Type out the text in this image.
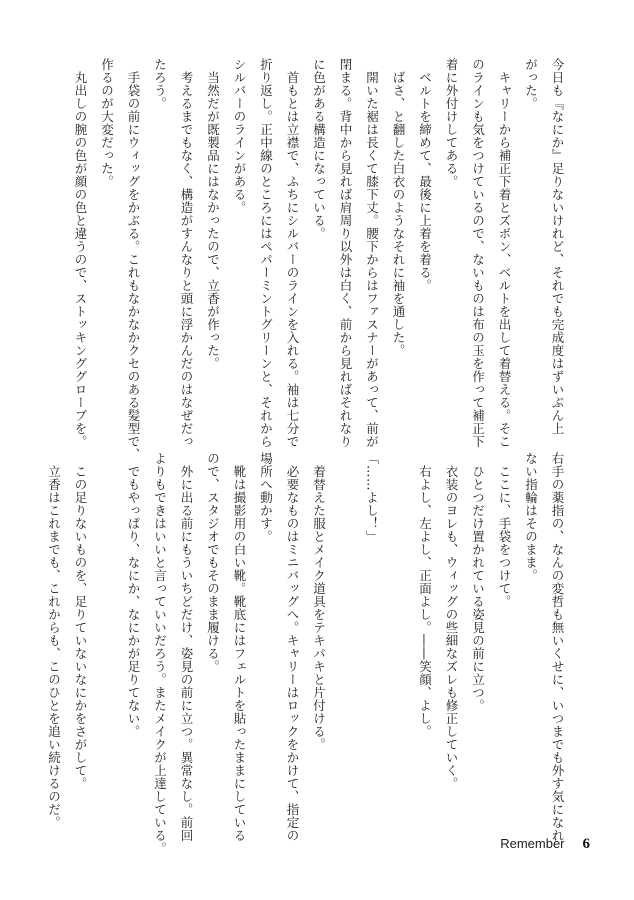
今日も『なにか』足りないけれど、それでも完成度はずいぶん上
がった。
　キャリーから補正下着とズボン、ベルトを出して着替える。そこ
のラインも気をつけているので、ないものは布の玉を作って補正下
着に外付けしてある。
　ベルトを締めて、最後に上着を着る。
　ばさ、と翻した白衣のようなそれに袖を通した。
　開いた裾は長くて膝下丈。腰下からはファスナーがあって、前が
閉まる。背中から見れば肩周り以外は白く、前から見ればそれなり
に色がある構造になっている。
　首もとは立襟で、ふちにシルバーのラインを入れる。袖は七分で
折り返し。正中線のところにはペパーミントグリーンと、それから
シルバーのラインがある。
　当然だが既製品にはなかったので、立香が作った。
　考えるまでもなく、構造がすんなりと頭に浮かんだのはなぜだっ
たろう。
　手袋の前にウィッグをかぶる。これもなかなかクセのある髪型で、
作るのが大変だった。
　丸出しの腕の色が顔の色と違うので、ストッキンググローブを。
右手の薬指の、なんの変哲も無いくせに、いつまでも外す気になれ
ない指輪はそのまま。
　ここに、手袋をつけて。
　ひとつだけ置かれている姿見の前に立つ。
　衣装のヨレも、ウィッグの些細なズレも修正していく。
　右よし、左よし、正面よし。――笑顔、よし。

「……よし！」

　着替えた服とメイク道具をテキパキと片付ける。
　必要なものはミニバッグへ。キャリーはロックをかけて、指定の
場所へ動かす。
　靴は撮影用の白い靴。靴底にはフェルトを貼ったままにしている
ので、スタジオでもそのまま履ける。
　外に出る前にもういちどだけ、姿見の前に立つ。異常なし。前回
よりもできはいいと言っていいだろう。またメイクが上達している。
　でもやっぱり、なにか、なにかが足りてない。

　この足りないものを、足りていないなにかをさがして。
　立香はこれまでも、これからも、このひとを追い続けるのだ。
Remember 6
